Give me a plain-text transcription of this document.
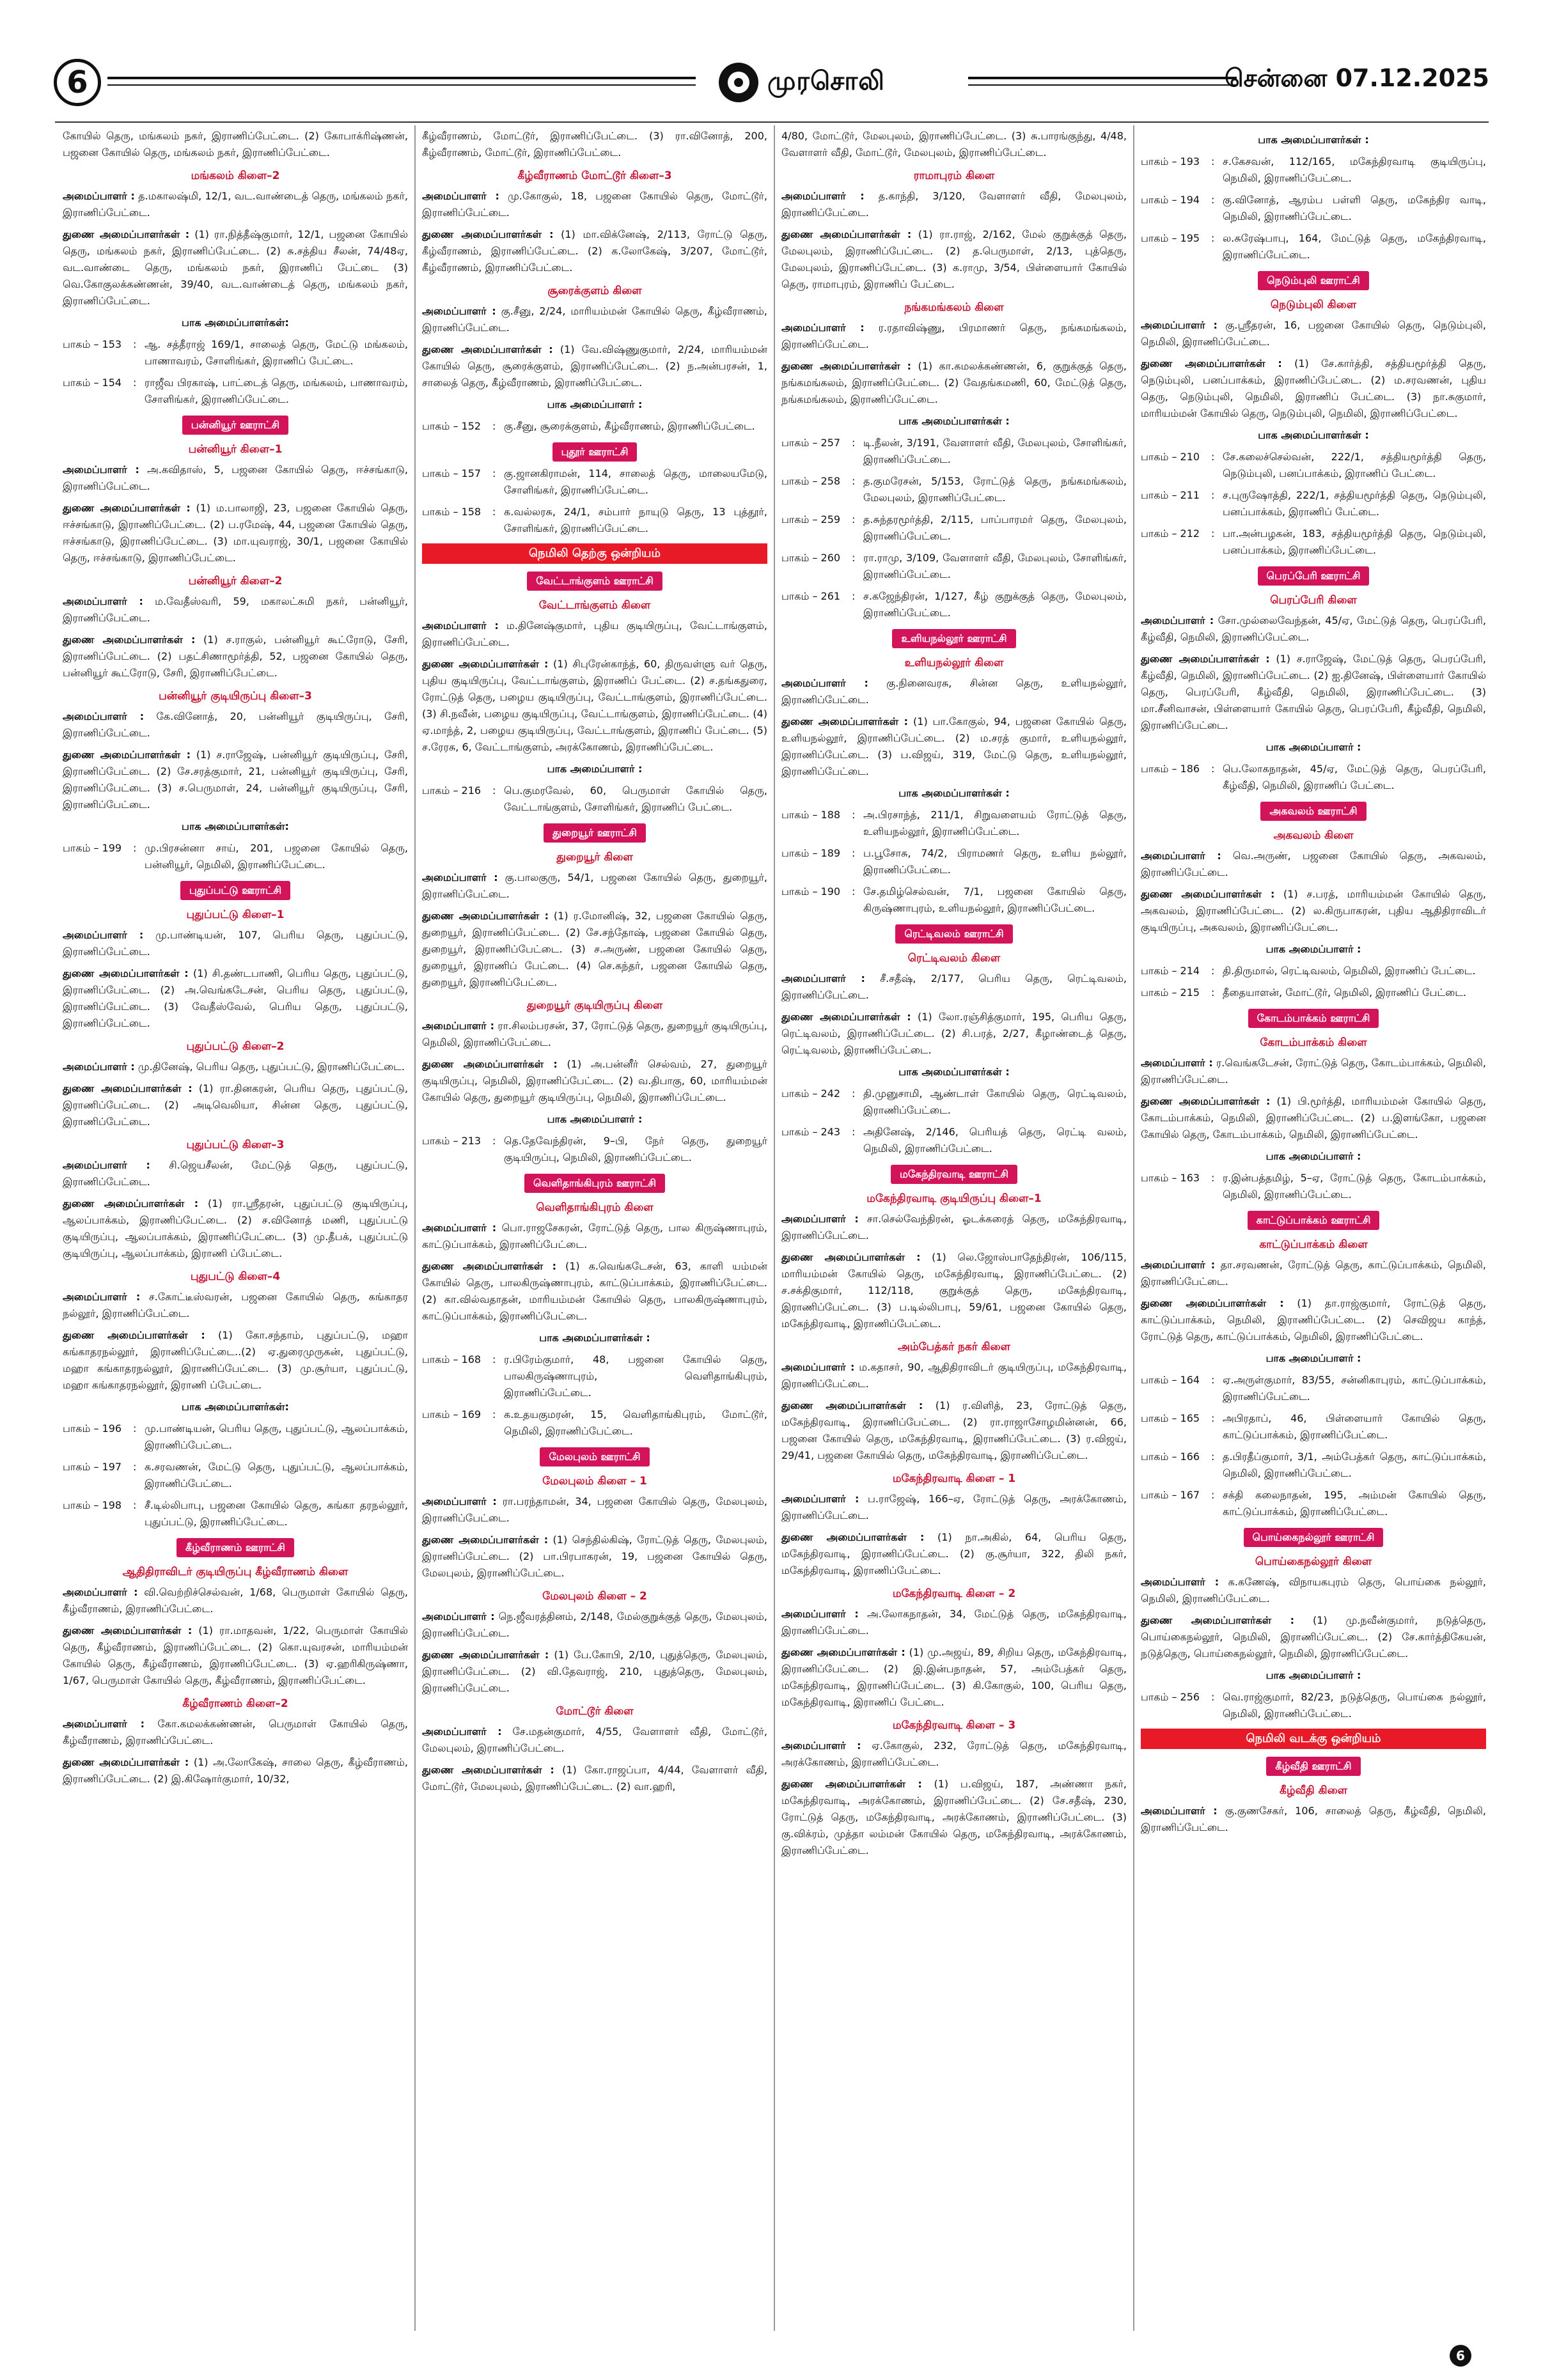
6	முரசொலி	சென்னை 07.12.2025
கோயில் தெரு, மங்கலம் நகர், இராணிப்பேட்டை. (2) கோபாக்ரிஷ்ணன், பஜனை கோயில் தெரு, மங்கலம் நகர், இராணிப்பேட்டை.
மங்கலம் கிளை–2
அமைப்பாளர் : த.மகாலஷ்மி, 12/1, வட.வாண்டைத் தெரு, மங்கலம் நகர், இராணிப்பேட்டை.
துணை அமைப்பாளர்கள் : (1) ரா.நித்தீஷ்குமார், 12/1, பஜனை கோயில் தெரு, மங்கலம் நகர், இராணிப்பேட்டை. (2) சு.சத்திய சீலன், 74/48ஏ, வட.வாண்டை தெரு, மங்கலம் நகர், இராணிப் பேட்டை (3) வெ.கோகுலக்கண்ணன், 39/40, வட.வாண்டைத் தெரு, மங்கலம் நகர், இராணிப்பேட்டை.
பாக அமைப்பாளர்கள்:
பாகம் – 153	: ஆ. சத்தீராஜ் 169/1, சாலைத் தெரு, மேட்டு மங்கலம், பாணாவரம், சோளிங்கர், இராணிப் பேட்டை.
பாகம் – 154	: ராஜீவ பிரகாஷ், பாட்டைத் தெரு, மங்கலம், பாணாவரம், சோளிங்கர், இராணிப்பேட்டை.
பன்னியூர் ஊராட்சி
பன்னியூர் கிளை–1
அமைப்பாளர் : அ.கவிதாஸ், 5, பஜனை கோயில் தெரு, ஈச்சங்காடு, இராணிப்பேட்டை.
துணை அமைப்பாளர்கள் : (1) ம.பாலாஜி, 23, பஜனை கோயில் தெரு, ஈச்சங்காடு, இராணிப்பேட்டை. (2) ப.ரமேஷ், 44, பஜனை கோயில் தெரு, ஈச்சங்காடு, இராணிப்பேட்டை. (3) மா.யுவராஜ், 30/1, பஜனை கோயில் தெரு, ஈச்சங்காடு, இராணிப்பேட்டை.
பன்னியூர் கிளை–2
அமைப்பாளர் : ம.வேதீஸ்வரி, 59, மகாலட்சுமி நகர், பன்னியூர், இராணிப்பேட்டை.
துணை அமைப்பாளர்கள் : (1) ச.ராகுல், பன்னியூர் கூட்ரோடு, சேரி, இராணிப்பேட்டை. (2) பதட்சிணாமூர்த்தி, 52, பஜனை கோயில் தெரு, பன்னியூர் கூட்ரோடு, சேரி, இராணிப்பேட்டை.
பன்னியூர் குடியிருப்பு கிளை–3
அமைப்பாளர் : கே.வினோத், 20, பன்னியூர் குடியிருப்பு, சேரி, இராணிப்பேட்டை.
துணை அமைப்பாளர்கள் : (1) ச.ராஜேஷ், பன்னியூர் குடியிருப்பு, சேரி, இராணிப்பேட்டை. (2) சே.சரத்குமார், 21, பன்னியூர் குடியிருப்பு, சேரி, இராணிப்பேட்டை. (3) ச.பெருமாள், 24, பன்னியூர் குடியிருப்பு, சேரி, இராணிப்பேட்டை.
பாக அமைப்பாளர்கள்:
பாகம் – 199	: மு.பிரசன்னா சாய், 201, பஜனை கோயில் தெரு, பன்னியூர், நெமிலி, இராணிப்பேட்டை.
புதுப்பட்டு ஊராட்சி
புதுப்பட்டு கிளை–1
அமைப்பாளர் : மு.பாண்டியன், 107, பெரிய தெரு, புதுப்பட்டு, இராணிப்பேட்டை.
துணை அமைப்பாளர்கள் : (1) சி.தண்டபாணி, பெரிய தெரு, புதுப்பட்டு, இராணிப்பேட்டை. (2) அ.வெங்கடேசன், பெரிய தெரு, புதுப்பட்டு, இராணிப்பேட்டை. (3) வேதீஸ்வேல், பெரிய தெரு, புதுப்பட்டு, இராணிப்பேட்டை.
புதுப்பட்டு கிளை–2
அமைப்பாளர் : மு.தினேஷ், பெரிய தெரு, புதுப்பட்டு, இராணிப்பேட்டை.
துணை அமைப்பாளர்கள் : (1) ரா.தினகரன், பெரிய தெரு, புதுப்பட்டு, இராணிப்பேட்டை. (2) அடிவெலியா, சின்ன தெரு, புதுப்பட்டு, இராணிப்பேட்டை.
புதுப்பட்டு கிளை–3
அமைப்பாளர் : சி.ஜெயசீலன், மேட்டுத் தெரு, புதுப்பட்டு, இராணிப்பேட்டை.
துணை அமைப்பாளர்கள் : (1) ரா.ஸ்ரீதரன், புதுப்பட்டு குடியிருப்பு, ஆலப்பாக்கம், இராணிப்பேட்டை. (2) ச.வினோத் மணி, புதுப்பட்டு குடியிருப்பு, ஆலப்பாக்கம், இராணிப்பேட்டை. (3) மு.தீபக், புதுப்பட்டு குடியிருப்பு, ஆலப்பாக்கம், இராணி ப்பேட்டை.
புதுபட்டு கிளை–4
அமைப்பாளர் : ச.கோட்டீஸ்வரன், பஜனை கோயில் தெரு, கங்காதர நல்லூர், இராணிப்பேட்டை.
துணை அமைப்பாளர்கள் : (1) கோ.சந்தாம், புதுப்பட்டு, மஹா கங்காதரநல்லூர், இராணிப்பேட்டை..(2) ஏ.துரைமுருகன், புதுப்பட்டு, மஹா கங்காதரநல்லூர், இராணிப்பேட்டை. (3) மு.சூர்யா, புதுப்பட்டு, மஹா கங்காதரநல்லூர், இராணி ப்பேட்டை.
பாக அமைப்பாளர்கள்:
பாகம் – 196	: மு.பாண்டியன், பெரிய தெரு, புதுப்பட்டு, ஆலப்பாக்கம், இராணிப்பேட்டை.
பாகம் – 197	: க.சரவணன், மேட்டு தெரு, புதுப்பட்டு, ஆலப்பாக்கம், இராணிப்பேட்டை.
பாகம் – 198	: சீ.டில்லிபாபு, பஜனை கோயில் தெரு, கங்கா தரநல்லூர், புதுப்பட்டு, இராணிப்பேட்டை.
கீழ்வீராணம் ஊராட்சி
ஆதிதிராவிடர் குடியிருப்பு கீழ்வீராணம் கிளை
அமைப்பாளர் : வி.வெற்றிச்செல்வன், 1/68, பெருமாள் கோயில் தெரு, கீழ்வீராணம், இராணிப்பேட்டை.
துணை அமைப்பாளர்கள் : (1) ரா.மாதவன், 1/22, பெருமாள் கோயில் தெரு, கீழ்வீராணம், இராணிப்பேட்டை. (2) கொ.யுவரசன், மாரியம்மன் கோயில் தெரு, கீழ்வீராணம், இராணிப்பேட்டை. (3) ஏ.ஹரிகிருஷ்ணா, 1/67, பெருமாள் கோயில் தெரு, கீழ்வீராணம், இராணிப்பேட்டை.
கீழ்வீராணம் கிளை–2
அமைப்பாளர் : கோ.கமலக்கண்ணன், பெருமாள் கோயில் தெரு, கீழ்வீராணம், இராணிப்பேட்டை.
துணை அமைப்பாளர்கள் : (1) அ.லோகேஷ், சாலை தெரு, கீழ்வீராணம், இராணிப்பேட்டை. (2) இ.கிஷோர்குமார், 10/32,
கீழ்வீராணம், மோட்டூர், இராணிப்பேட்டை. (3) ரா.வினோத், 200, கீழ்வீராணம், மோட்டூர், இராணிப்பேட்டை.
கீழ்வீராணம் மோட்டூர் கிளை–3
அமைப்பாளர் : மு.கோகுல், 18, பஜனை கோயில் தெரு, மோட்டூர், இராணிப்பேட்டை.
துணை அமைப்பாளர்கள் : (1) மா.விக்னேஷ், 2/113, ரோட்டு தெரு, கீழ்வீராணம், இராணிப்பேட்டை. (2) க.லோகேஷ், 3/207, மோட்டூர், கீழ்வீராணம், இராணிப்பேட்டை.
சூரைக்குளம் கிளை
அமைப்பாளர் : கு.சீனு, 2/24, மாரியம்மன் கோயில் தெரு, கீழ்வீராணம், இராணிப்பேட்டை.
துணை அமைப்பாளர்கள் : (1) வே.விஷ்ணுகுமார், 2/24, மாரியம்மன் கோயில் தெரு, சூரைக்குளம், இராணிப்பேட்டை. (2) ந.அன்பரசன், 1, சாலைத் தெரு, கீழ்வீராணம், இராணிப்பேட்டை.
பாக அமைப்பாளர் :
பாகம் – 152	: கு.சீனு, சூரைக்குளம், கீழ்வீராணம், இராணிப்பேட்டை.
புதூர் ஊராட்சி
பாகம் – 157	: கு.ஜானகிராமன், 114, சாலைத் தெரு, மாலையமேடு, சோளிங்கர், இராணிப்பேட்டை.
பாகம் – 158	: க.வல்லரசு, 24/1, சம்பார் நாயுடு தெரு, 13 புத்தூர், சோளிங்கர், இராணிப்பேட்டை.
நெமிலி தெற்கு ஒன்றியம்
வேட்டாங்குளம் ஊராட்சி
வேட்டாங்குளம் கிளை
அமைப்பாளர் : ம.தினேஷ்குமார், புதிய குடியிருப்பு, வேட்டாங்குளம், இராணிப்பேட்டை.
துணை அமைப்பாளர்கள் : (1) சிபுரேன்காந்த், 60, திருவள்ளு வர் தெரு, புதிய குடியிருப்பு, வேட்டாங்குளம், இராணிப் பேட்டை. (2) ச.தங்கதுரை, ரோட்டுத் தெரு, பழைய குடியிருப்பு, வேட்டாங்குளம், இராணிப்பேட்டை. (3) சி.நவீன், பழைய குடியிருப்பு, வேட்டாங்குளம், இராணிப்பேட்டை. (4) ஏ.மாந்த், 2, பழைய குடியிருப்பு, வேட்டாங்குளம், இராணிப் பேட்டை. (5) ச.ரேரசு, 6, வேட்டாங்குளம், அரக்கோணம், இராணிப்பேட்டை.
பாக அமைப்பாளர் :
பாகம் – 216	: பெ.குமரவேல், 60, பெருமாள் கோயில் தெரு, வேட்டாங்குளம், சோளிங்கர், இராணிப் பேட்டை.
துறையூர் ஊராட்சி
துறையூர் கிளை
அமைப்பாளர் : கு.பாலகுரு, 54/1, பஜனை கோயில் தெரு, துறையூர், இராணிப்பேட்டை.
துணை அமைப்பாளர்கள் : (1) ர.மோனிஷ், 32, பஜனை கோயில் தெரு, துறையூர், இராணிப்பேட்டை. (2) சே.சந்தோஷ், பஜனை கோயில் தெரு, துறையூர், இராணிப்பேட்டை. (3) ச.அருண், பஜனை கோயில் தெரு, துறையூர், இராணிப் பேட்டை. (4) செ.கந்தர், பஜனை கோயில் தெரு, துறையூர், இராணிப்பேட்டை.
துறையூர் குடியிருப்பு கிளை
அமைப்பாளர் : ரா.சிலம்பரசன், 37, ரோட்டுத் தெரு, துறையூர் குடியிருப்பு, நெமிலி, இராணிப்பேட்டை.
துணை அமைப்பாளர்கள் : (1) அ.பன்னீர் செல்வம், 27, துறையூர் குடியிருப்பு, நெமிலி, இராணிப்பேட்டை. (2) வ.திபாகு, 60, மாரியம்மன் கோயில் தெரு, துறையூர் குடியிருப்பு, நெமிலி, இராணிப்பேட்டை.
பாக அமைப்பாளர் :
பாகம் – 213	: தெ.தேவேந்திரன், 9–பி, நேர் தெரு, துறையூர் குடியிருப்பு, நெமிலி, இராணிப்பேட்டை.
வெளிதாங்கிபுரம் ஊராட்சி
வெளிதாங்கிபுரம் கிளை
அமைப்பாளர் : பொ.ராஜசேகரன், ரோட்டுத் தெரு, பால கிருஷ்ணாபுரம், காட்டுப்பாக்கம், இராணிப்பேட்டை.
துணை அமைப்பாளர்கள் : (1) க.வெங்கடேசன், 63, காளி யம்மன் கோயில் தெரு, பாலகிருஷ்ணாபுரம், காட்டுப்பாக்கம், இராணிப்பேட்டை. (2) கா.வில்வதாதன், மாரியம்மன் கோயில் தெரு, பாலகிருஷ்ணாபுரம், காட்டுப்பாக்கம், இராணிப்பேட்டை.
பாக அமைப்பாளர்கள் :
பாகம் – 168	: ர.பிரேம்குமார், 48, பஜனை கோயில் தெரு, பாலகிருஷ்ணாபுரம், வெளிதாங்கிபுரம், இராணிப்பேட்டை.
பாகம் – 169	: க.உதயகுமரன், 15, வெளிதாங்கிபுரம், மோட்டூர், நெமிலி, இராணிப்பேட்டை.
மேலபுலம் ஊராட்சி
மேலபுலம் கிளை – 1
அமைப்பாளர் : ரா.பரந்தாமன், 34, பஜனை கோயில் தெரு, மேலபுலம், இராணிப்பேட்டை.
துணை அமைப்பாளர்கள் : (1) செந்தில்கிஷ், ரோட்டுத் தெரு, மேலபுலம், இராணிப்பேட்டை. (2) பா.பிரபாகரன், 19, பஜனை கோயில் தெரு, மேலபுலம், இராணிப்பேட்டை.
மேலபுலம் கிளை – 2
அமைப்பாளர் : நெ.ஜீவரத்தினம், 2/148, மேல்குறுக்குத் தெரு, மேலபுலம், இராணிப்பேட்டை.
துணை அமைப்பாளர்கள் : (1) பே.கோபி, 2/10, புதுத்தெரு, மேலபுலம், இராணிப்பேட்டை. (2) வி.தேவராஜ், 210, புதுத்தெரு, மேலபுலம், இராணிப்பேட்டை.
மோட்டூர் கிளை
அமைப்பாளர் : சே.மதன்குமார், 4/55, வேளாளர் வீதி, மோட்டூர், மேலபுலம், இராணிப்பேட்டை.
துணை அமைப்பாளர்கள் : (1) கோ.ராஜப்பா, 4/44, வேளாளர் வீதி, மோட்டூர், மேலபுலம், இராணிப்பேட்டை. (2) வா.ஹரி,
4/80, மோட்டூர், மேலபுலம், இராணிப்பேட்டை. (3) சு.பாரங்குந்து, 4/48, வேளாளர் வீதி, மோட்டூர், மேலபுலம், இராணிப்பேட்டை.
ராமாபுரம் கிளை
அமைப்பாளர் : த.காந்தி, 3/120, வேளாளர் வீதி, மேலபுலம், இராணிப்பேட்டை.
துணை அமைப்பாளர்கள் : (1) ரா.ராஜ், 2/162, மேல் குறுக்குத் தெரு, மேலபுலம், இராணிப்பேட்டை. (2) த.பெருமாள், 2/13, புத்தெரு, மேலபுலம், இராணிப்பேட்டை. (3) க.ராமு, 3/54, பிள்ளையார் கோயில் தெரு, ராமாபுரம், இராணிப் பேட்டை.
நங்கமங்கலம் கிளை
அமைப்பாளர் : ர.ரதாவிஷ்ணு, பிரமாணர் தெரு, நங்கமங்கலம், இராணிப்பேட்டை.
துணை அமைப்பாளர்கள் : (1) கா.கமலக்கண்ணன், 6, குறுக்குத் தெரு, நங்கமங்கலம், இராணிப்பேட்டை. (2) வேதங்கமணி, 60, மேட்டுத் தெரு, நங்கமங்கலம், இராணிப்பேட்டை.
பாக அமைப்பாளர்கள் :
பாகம் – 257	: டி.நீலன், 3/191, வேளாளர் வீதி, மேலபுலம், சோளிங்கர், இராணிப்பேட்டை.
பாகம் – 258	: த.குமரேசன், 5/153, ரோட்டுத் தெரு, நங்கமங்கலம், மேலபுலம், இராணிப்பேட்டை.
பாகம் – 259	: த.சுந்தரமூர்த்தி, 2/115, பாப்பாரமர் தெரு, மேலபுலம், இராணிப்பேட்டை.
பாகம் – 260	: ரா.ராமு, 3/109, வேளாளர் வீதி, மேலபுலம், சோளிங்கர், இராணிப்பேட்டை.
பாகம் – 261	: ச.கஜேந்திரன், 1/127, கீழ் குறுக்குத் தெரு, மேலபுலம், இராணிப்பேட்டை.
உளியநல்லூர் ஊராட்சி
உளியநல்லூர் கிளை
அமைப்பாளர் : கு.நினைவரசு, சின்ன தெரு, உளியநல்லூர், இராணிப்பேட்டை.
துணை அமைப்பாளர்கள் : (1) பா.கோகுல், 94, பஜனை கோயில் தெரு, உளியநல்லூர், இராணிப்பேட்டை. (2) ம.சரத் குமார், உளியநல்லூர், இராணிப்பேட்டை. (3) ப.விஜய், 319, மேட்டு தெரு, உளியநல்லூர், இராணிப்பேட்டை.
பாக அமைப்பாளர்கள் :
பாகம் – 188	: அ.பிரசாந்த், 211/1, சிறுவளையம் ரோட்டுத் தெரு, உளியநல்லூர், இராணிப்பேட்டை.
பாகம் – 189	: ப.பூசோசு, 74/2, பிராமணர் தெரு, உளிய நல்லூர், இராணிப்பேட்டை.
பாகம் – 190	: சே.தமிழ்செல்வன், 7/1, பஜனை கோயில் தெரு, கிருஷ்ணாபுரம், உளியநல்லூர், இராணிப்பேட்டை.
ரெட்டிவலம் ஊராட்சி
ரெட்டிவலம் கிளை
அமைப்பாளர் : சீ.சதீஷ், 2/177, பெரிய தெரு, ரெட்டிவலம், இராணிப்பேட்டை.
துணை அமைப்பாளர்கள் : (1) லோ.ரஞ்சித்குமார், 195, பெரிய தெரு, ரெட்டிவலம், இராணிப்பேட்டை. (2) சி.பரத், 2/27, கீழாண்டைத் தெரு, ரெட்டிவலம், இராணிப்பேட்டை.
பாக அமைப்பாளர்கள் :
பாகம் – 242	: தி.முனுசாமி, ஆண்டாள் கோயில் தெரு, ரெட்டிவலம், இராணிப்பேட்டை.
பாகம் – 243	: அதினேஷ், 2/146, பெரியத் தெரு, ரெட்டி வலம், நெமிலி, இராணிப்பேட்டை.
மகேந்திரவாடி ஊராட்சி
மகேந்திரவாடி குடியிருப்பு கிளை–1
அமைப்பாளர் : சா.செல்வேந்திரன், ஓடக்கரைத் தெரு, மகேந்திரவாடி, இராணிப்பேட்டை.
துணை அமைப்பாளர்கள் : (1) லெ.ஜோஸ்பாதேந்திரன், 106/115, மாரியம்மன் கோயில் தெரு, மகேந்திரவாடி, இராணிப்பேட்டை. (2) ச.சக்திகுமார், 112/118, குறுக்குத் தெரு, மகேந்திரவாடி, இராணிப்பேட்டை. (3) ப.டில்லிபாபு, 59/61, பஜனை கோயில் தெரு, மகேந்திரவாடி, இராணிப்பேட்டை.
அம்பேத்கர் நகர் கிளை
அமைப்பாளர் : ம.கதாசர், 90, ஆதிதிராவிடர் குடியிருப்பு, மகேந்திரவாடி, இராணிப்பேட்டை.
துணை அமைப்பாளர்கள் : (1) ர.விளித், 23, ரோட்டுத் தெரு, மகேந்திரவாடி, இராணிப்பேட்டை. (2) ரா.ராஜாசோழமின்னன், 66, பஜனை கோயில் தெரு, மகேந்திரவாடி, இராணிப்பேட்டை. (3) ர.விஜய், 29/41, பஜனை கோயில் தெரு, மகேந்திரவாடி, இராணிப்பேட்டை.
மகேந்திரவாடி கிளை – 1
அமைப்பாளர் : ப.ராஜேஷ், 166–ஏ, ரோட்டுத் தெரு, அரக்கோணம், இராணிப்பேட்டை.
துணை அமைப்பாளர்கள் : (1) நா.அகில், 64, பெரிய தெரு, மகேந்திரவாடி, இராணிப்பேட்டை. (2) கு.சூர்யா, 322, திலி நகர், மகேந்திரவாடி, இராணிப்பேட்டை.
மகேந்திரவாடி கிளை – 2
அமைப்பாளர் : அ.லோகநாதன், 34, மேட்டுத் தெரு, மகேந்திரவாடி, இராணிப்பேட்டை.
துணை அமைப்பாளர்கள் : (1) மு.அஜய், 89, சிறிய தெரு, மகேந்திரவாடி, இராணிப்பேட்டை. (2) இ.இன்பநாதன், 57, அம்பேத்கர் தெரு, மகேந்திரவாடி, இராணிப்பேட்டை. (3) கி.கோகுல், 100, பெரிய தெரு, மகேந்திரவாடி, இராணிப் பேட்டை.
மகேந்திரவாடி கிளை – 3
அமைப்பாளர் : ஏ.கோகுல், 232, ரோட்டுத் தெரு, மகேந்திரவாடி, அரக்கோணம், இராணிப்பேட்டை.
துணை அமைப்பாளர்கள் : (1) ப.விஜய், 187, அண்ணா நகர், மகேந்திரவாடி, அரக்கோணம், இராணிப்பேட்டை. (2) சே.சதீஷ், 230, ரோட்டுத் தெரு, மகேந்திரவாடி, அரக்கோணம், இராணிப்பேட்டை. (3) கு.விக்ரம், முத்தா லம்மன் கோயில் தெரு, மகேந்திரவாடி, அரக்கோணம், இராணிப்பேட்டை.
பாக அமைப்பாளர்கள் :
பாகம் – 193	: ச.கேசவன், 112/165, மகேந்திரவாடி குடியிருப்பு, நெமிலி, இராணிப்பேட்டை.
பாகம் – 194	: கு.வினோத், ஆரம்ப பள்ளி தெரு, மகேந்திர வாடி, நெமிலி, இராணிப்பேட்டை.
பாகம் – 195	: ல.சுரேஷ்பாபு, 164, மேட்டுத் தெரு, மகேந்திரவாடி, இராணிப்பேட்டை.
நெடும்புலி ஊராட்சி
நெடும்புலி கிளை
அமைப்பாளர் : கு.ஸ்ரீதரன், 16, பஜனை கோயில் தெரு, நெடும்புலி, நெமிலி, இராணிப்பேட்டை.
துணை அமைப்பாளர்கள் : (1) சே.கார்த்தி, சத்தியமூர்த்தி தெரு, நெடும்புலி, பனப்பாக்கம், இராணிப்பேட்டை. (2) ம.சரவணன், புதிய தெரு, நெடும்புலி, நெமிலி, இராணிப் பேட்டை. (3) நா.சுகுமார், மாரியம்மன் கோயில் தெரு, நெடும்புலி, நெமிலி, இராணிப்பேட்டை.
பாக அமைப்பாளர்கள் :
பாகம் – 210	: சே.கலைச்செல்வன், 222/1, சத்தியமூர்த்தி தெரு, நெடும்புலி, பனப்பாக்கம், இராணிப் பேட்டை.
பாகம் – 211	: ச.புருஷோத்தி, 222/1, சத்தியமூர்த்தி தெரு, நெடும்புலி, பனப்பாக்கம், இராணிப் பேட்டை.
பாகம் – 212	: பா.அன்பழகன், 183, சத்தியமூர்த்தி தெரு, நெடும்புலி, பனப்பாக்கம், இராணிப்பேட்டை.
பெரப்பேரி ஊராட்சி
பெரப்பேரி கிளை
அமைப்பாளர் : சோ.முல்லைவேந்தன், 45/ஏ, மேட்டுத் தெரு, பெரப்பேரி, கீழ்வீதி, நெமிலி, இராணிப்பேட்டை.
துணை அமைப்பாளர்கள் : (1) ச.ராஜேஷ், மேட்டுத் தெரு, பெரப்பேரி, கீழ்வீதி, நெமிலி, இராணிப்பேட்டை. (2) ஐ.தினேஷ், பிள்ளையார் கோயில் தெரு, பெரப்பேரி, கீழ்வீதி, நெமிலி, இராணிப்பேட்டை. (3) மா.சீனிவாசன், பிள்ளையார் கோயில் தெரு, பெரப்பேரி, கீழ்வீதி, நெமிலி, இராணிப்பேட்டை.
பாக அமைப்பாளர் :
பாகம் – 186	: பெ.லோகநாதன், 45/ஏ, மேட்டுத் தெரு, பெரப்பேரி, கீழ்வீதி, நெமிலி, இராணிப் பேட்டை.
அகவலம் ஊராட்சி
அகவலம் கிளை
அமைப்பாளர் : வெ.அருண், பஜனை கோயில் தெரு, அகவலம், இராணிப்பேட்டை.
துணை அமைப்பாளர்கள் : (1) ச.பரத், மாரியம்மன் கோயில் தெரு, அகவலம், இராணிப்பேட்டை. (2) ல.கிருபாகரன், புதிய ஆதிதிராவிடர் குடியிருப்பு, அகவலம், இராணிப்பேட்டை.
பாக அமைப்பாளர் :
பாகம் – 214	: தி.திருமால், ரெட்டிவலம், நெமிலி, இராணிப் பேட்டை.
பாகம் – 215	: தீதையாளன், மோட்டூர், நெமிலி, இராணிப் பேட்டை.
கோடம்பாக்கம் ஊராட்சி
கோடம்பாக்கம் கிளை
அமைப்பாளர் : ர.வெங்கடேசன், ரோட்டுத் தெரு, கோடம்பாக்கம், நெமிலி, இராணிப்பேட்டை.
துணை அமைப்பாளர்கள் : (1) பி.மூர்த்தி, மாரியம்மன் கோயில் தெரு, கோடம்பாக்கம், நெமிலி, இராணிப்பேட்டை. (2) ப.இளங்கோ, பஜனை கோயில் தெரு, கோடம்பாக்கம், நெமிலி, இராணிப்பேட்டை.
பாக அமைப்பாளர் :
பாகம் – 163	: ர.இன்பத்தமிழ், 5–ஏ, ரோட்டுத் தெரு, கோடம்பாக்கம், நெமிலி, இராணிப்பேட்டை.
காட்டுப்பாக்கம் ஊராட்சி
காட்டுப்பாக்கம் கிளை
அமைப்பாளர் : தா.சரவணன், ரோட்டுத் தெரு, காட்டுப்பாக்கம், நெமிலி, இராணிப்பேட்டை.
துணை அமைப்பாளர்கள் : (1) தா.ராஜ்குமார், ரோட்டுத் தெரு, காட்டுப்பாக்கம், நெமிலி, இராணிப்பேட்டை. (2) செவிஜய காந்த், ரோட்டுத் தெரு, காட்டுப்பாக்கம், நெமிலி, இராணிப்பேட்டை.
பாக அமைப்பாளர் :
பாகம் – 164	: ஏ.அருள்குமார், 83/55, சன்னிகாபுரம், காட்டுப்பாக்கம், இராணிப்பேட்டை.
பாகம் – 165	: அபிரதாப், 46, பிள்ளையார் கோயில் தெரு, காட்டுப்பாக்கம், இராணிப்பேட்டை.
பாகம் – 166	: த.பிரதீப்குமார், 3/1, அம்பேத்கர் தெரு, காட்டுப்பாக்கம், நெமிலி, இராணிப்பேட்டை.
பாகம் – 167	: சக்தி கலைநாதன், 195, அம்மன் கோயில் தெரு, காட்டுப்பாக்கம், இராணிப்பேட்டை.
பொய்கைநல்லூர் ஊராட்சி
பொய்கைநல்லூர் கிளை
அமைப்பாளர் : க.கணேஷ், விநாயகபுரம் தெரு, பொய்கை நல்லூர், நெமிலி, இராணிப்பேட்டை.
துணை அமைப்பாளர்கள் : (1) மு.நவீன்குமார், நடுத்தெரு, பொய்கைநல்லூர், நெமிலி, இராணிப்பேட்டை. (2) சே.கார்த்திகேயன், நடுத்தெரு, பொய்கைநல்லூர், நெமிலி, இராணிப்பேட்டை.
பாக அமைப்பாளர் :
பாகம் – 256	: வெ.ராஜ்குமார், 82/23, நடுத்தெரு, பொய்கை நல்லூர், நெமிலி, இராணிப்பேட்டை.
நெமிலி வடக்கு ஒன்றியம்
கீழ்வீதி ஊராட்சி
கீழ்வீதி கிளை
அமைப்பாளர் : கு.குணசேகர், 106, சாலைத் தெரு, கீழ்வீதி, நெமிலி, இராணிப்பேட்டை.
6
